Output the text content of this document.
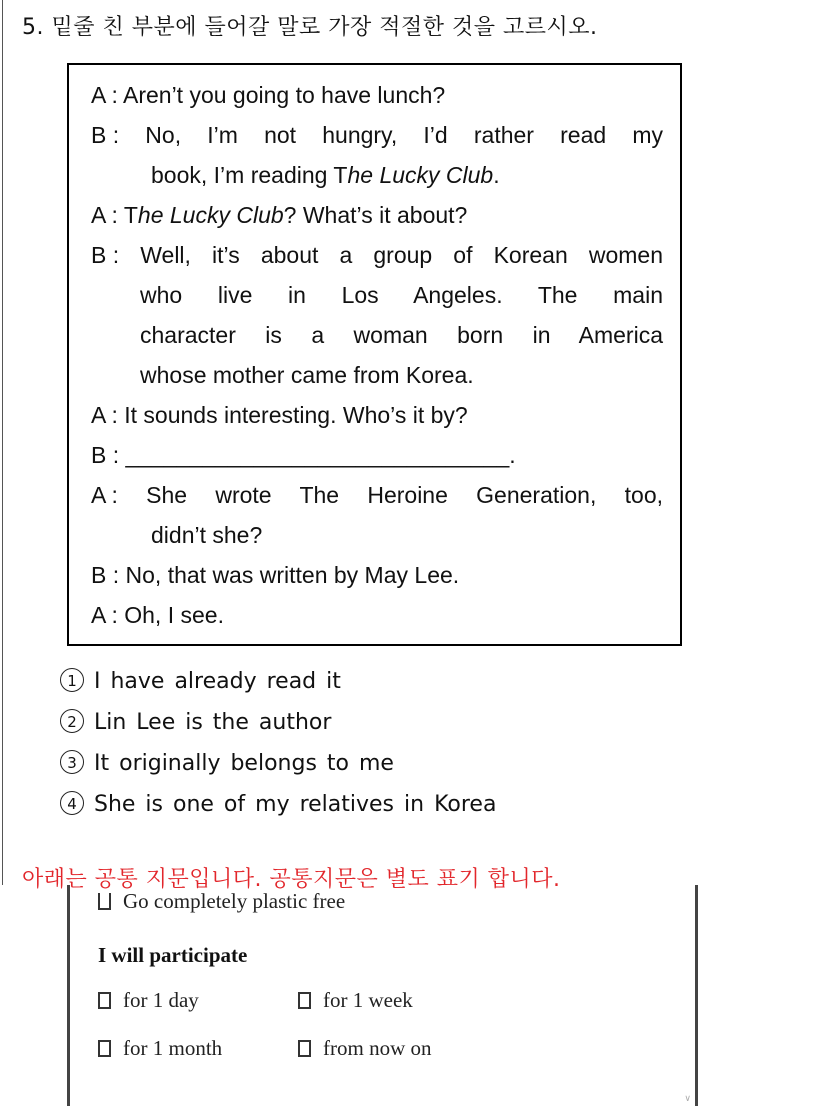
5. 밑줄 친 부분에 들어갈 말로 가장 적절한 것을 고르시오.
A : Aren’t you going to have lunch?
B : No, I’m not hungry, I’d rather read my
book, I’m reading The Lucky Club.
A : The Lucky Club? What’s it about?
B : Well, it’s about a group of Korean women
who live in Los Angeles. The main
character is a woman born in America
whose mother came from Korea.
A : It sounds interesting. Who’s it by?
B : ______________________________.
A : She wrote The Heroine Generation, too,
didn’t she?
B : No, that was written by May Lee.
A : Oh, I see.
1 I have already read it
2 Lin Lee is the author
3 It originally belongs to me
4 She is one of my relatives in Korea
아래는 공통 지문입니다. 공통지문은 별도 표기 합니다.
Go completely plastic free
I will participate
for 1 day	for 1 week
for 1 month	from now on
∨
